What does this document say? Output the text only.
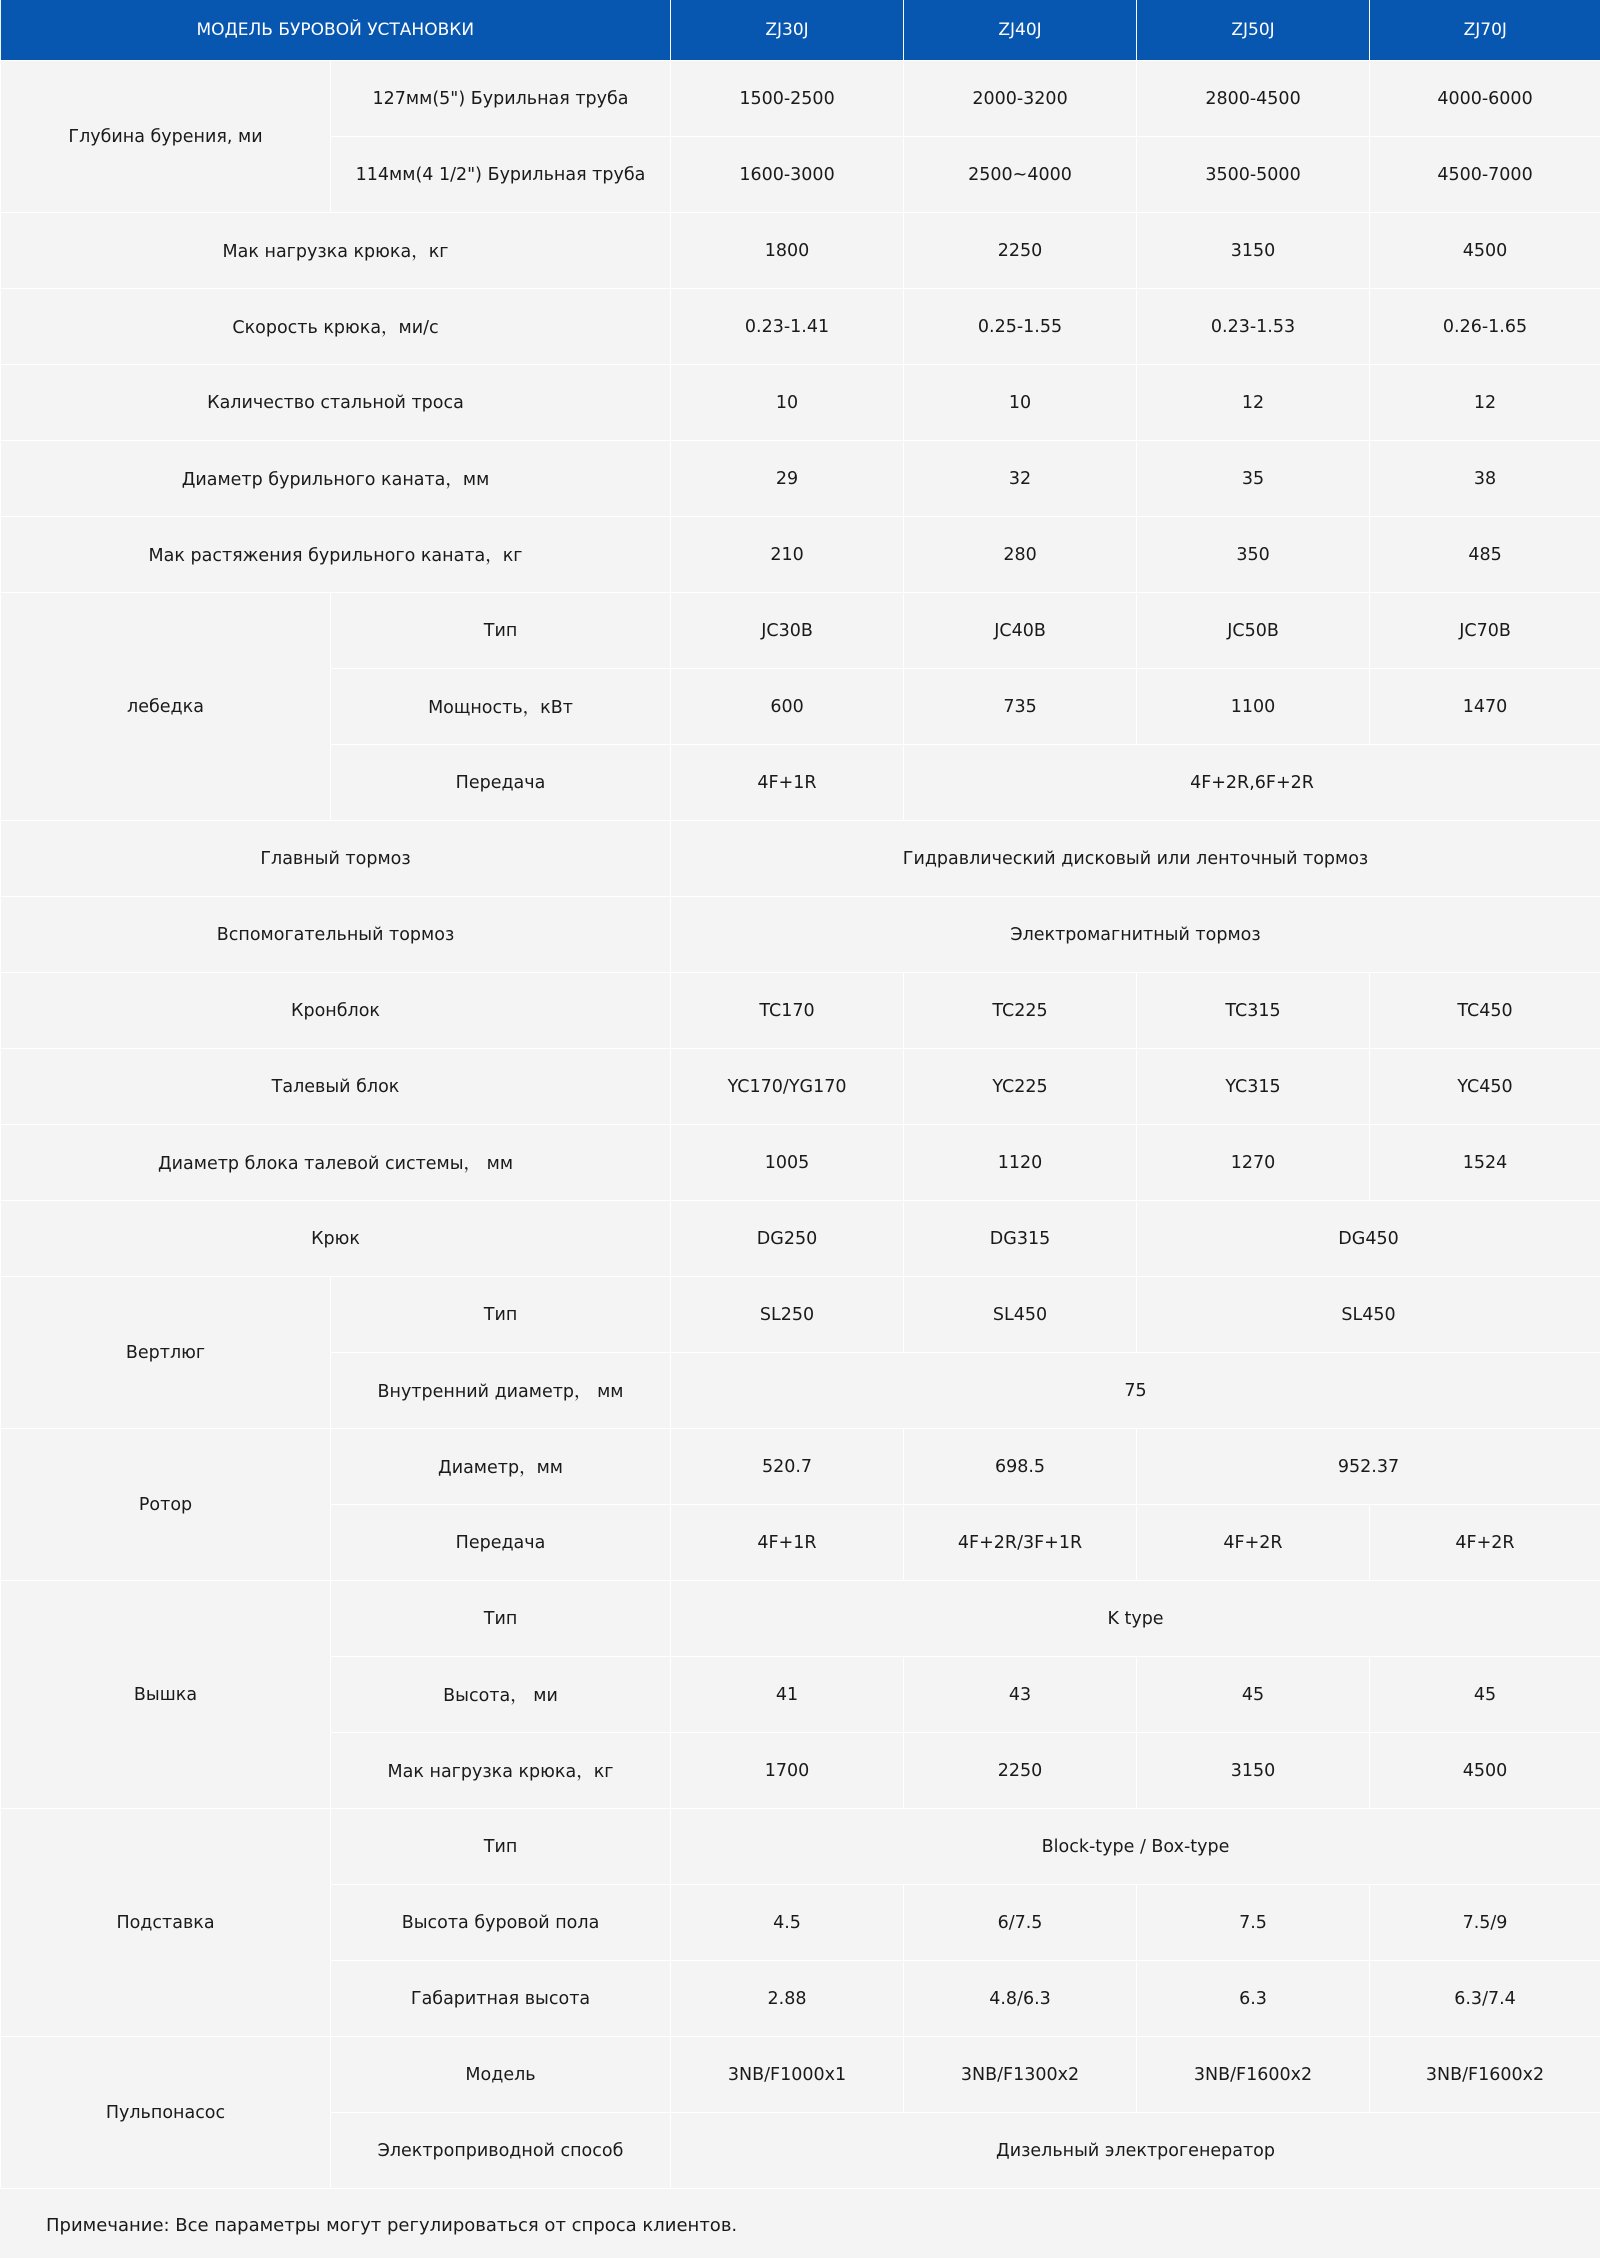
МОДЕЛЬ БУРОВОЙ УСТАНОВКИ		ZJ30J	ZJ40J	ZJ50J	ZJ70J
Глубина бурения, ми	127мм(5") Бурильная труба	1500-2500	2000-3200	2800-4500	4000-6000
	114мм(4 1/2") Бурильная труба	1600-3000	2500~4000	3500-5000	4500-7000
Мак нагрузка крюка，кг		1800	2250	3150	4500
Скорость крюка，ми/с		0.23-1.41	0.25-1.55	0.23-1.53	0.26-1.65
Каличество стальной троса		10	10	12	12
Диаметр бурильного каната，мм		29	32	35	38
Мак растяжения бурильного каната，кг		210	280	350	485
лебедка	Тип	JC30B	JC40B	JC50B	JC70B
	Мощность，кВт	600	735	1100	1470
	Передача	4F+1R	4F+2R,6F+2R		
Главный тормоз		Гидравлический дисковый или ленточный тормоз			
Вспомогательный тормоз		Электромагнитный тормоз			
Кронблок		TC170	TC225	TC315	TC450
Талевый блок		YC170/YG170	YC225	YC315	YC450
Диаметр блока талевой системы， мм		1005	1120	1270	1524
Крюк		DG250	DG315	DG450	
Вертлюг	Тип	SL250	SL450	SL450	
	Внутренний диаметр， мм	75			
Ротор	Диаметр，мм	520.7	698.5	952.37	
	Передача	4F+1R	4F+2R/3F+1R	4F+2R	4F+2R
Вышка	Тип	K type			
	Высота， ми	41	43	45	45
	Мак нагрузка крюка，кг	1700	2250	3150	4500
Подставка	Тип	Block-type / Box-type			
	Высота буровой пола	4.5	6/7.5	7.5	7.5/9
	Габаритная высота	2.88	4.8/6.3	6.3	6.3/7.4
Пульпонасос	Модель	3NB/F1000x1	3NB/F1300x2	3NB/F1600x2	3NB/F1600x2
	Электроприводной способ	Дизельный электрогенератор			
Примечание: Все параметры могут регулироваться от спроса клиентов.
